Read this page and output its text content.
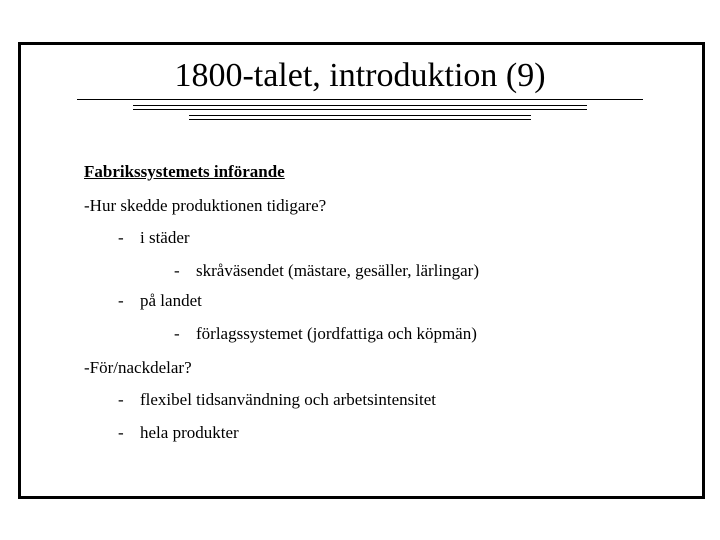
1800-talet, introduktion (9)
Fabrikssystemets införande
-Hur skedde produktionen tidigare?
- i städer
- skråväsendet (mästare, gesäller, lärlingar)
- på landet
- förlagssystemet (jordfattiga och köpmän)
-För/nackdelar?
- flexibel tidsanvändning och arbetsintensitet
- hela produkter
